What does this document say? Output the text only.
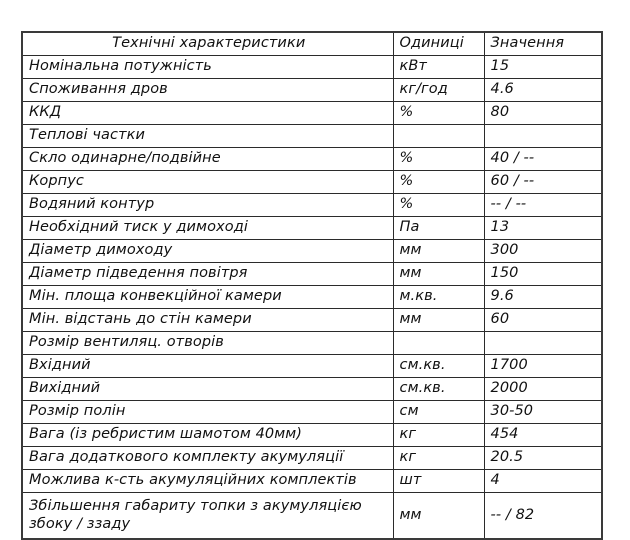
Технічні характеристики	Одиниці	Значення
Номінальна потужність	кВт	15
Споживання дров	кг/год	4.6
ККД	%	80
Теплові частки		
Скло одинарне/подвійне	%	40 / --
Корпус	%	60 / --
Водяний контур	%	-- / --
Необхідний тиск у димоході	Па	13
Діаметр димоходу	мм	300
Діаметр підведення повітря	мм	150
Мін. площа конвекційної камери	м.кв.	9.6
Мін. відстань до стін камери	мм	60
Розмір вентиляц. отворів		
Вхідний	см.кв.	1700
Вихідний	см.кв.	2000
Розмір полін	см	30-50
Вага (із ребристим шамотом 40мм)	кг	454
Вага додаткового комплекту акумуляції	кг	20.5
Можлива к-сть акумуляційних комплектів	шт	4
Збільшення габариту топки з акумуляцією збоку / ззаду	мм	-- / 82
